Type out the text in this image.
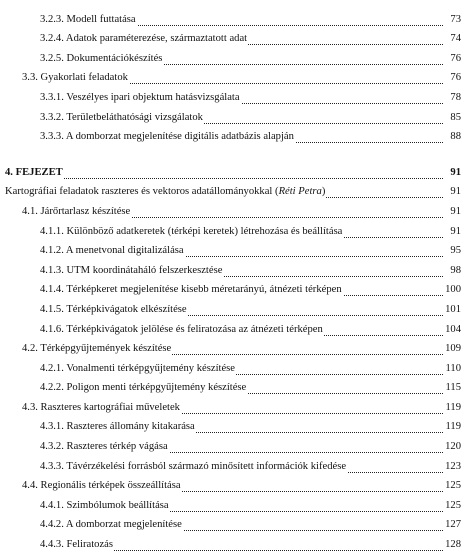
3.2.3. Modell futtatása	73
3.2.4. Adatok paraméterezése, származtatott adat	74
3.2.5. Dokumentációkészítés	76
3.3. Gyakorlati feladatok	76
3.3.1. Veszélyes ipari objektum hatásvizsgálata	78
3.3.2. Területbeláthatósági vizsgálatok	85
3.3.3. A domborzat megjelenítése digitális adatbázis alapján	88
4. FEJEZET	91
Kartográfiai feladatok raszteres és vektoros adatállományokkal (Réti Petra)	91
4.1. Járőrtarlasz készítése	91
4.1.1. Különböző adatkeretek (térképi keretek) létrehozása és beállítása	91
4.1.2. A menetvonal digitalizálása	95
4.1.3. UTM koordinátaháló felszerkesztése	98
4.1.4. Térképkeret megjelenítése kisebb méretarányú, átnézeti térképen	100
4.1.5. Térképkivágatok elkészítése	101
4.1.6. Térképkivágatok jelölése és feliratozása az átnézeti térképen	104
4.2. Térképgyűjtemények készítése	109
4.2.1. Vonalmenti térképgyűjtemény készítése	110
4.2.2. Poligon menti térképgyűjtemény készítése	115
4.3. Raszteres kartográfiai műveletek	119
4.3.1. Raszteres állomány kitakarása	119
4.3.2. Raszteres térkép vágása	120
4.3.3. Távérzékelési forrásból származó minősített információk kifedése	123
4.4. Regionális térképek összeállítása	125
4.4.1. Szimbólumok beállítása	125
4.4.2. A domborzat megjelenítése	127
4.4.3. Feliratozás	128
